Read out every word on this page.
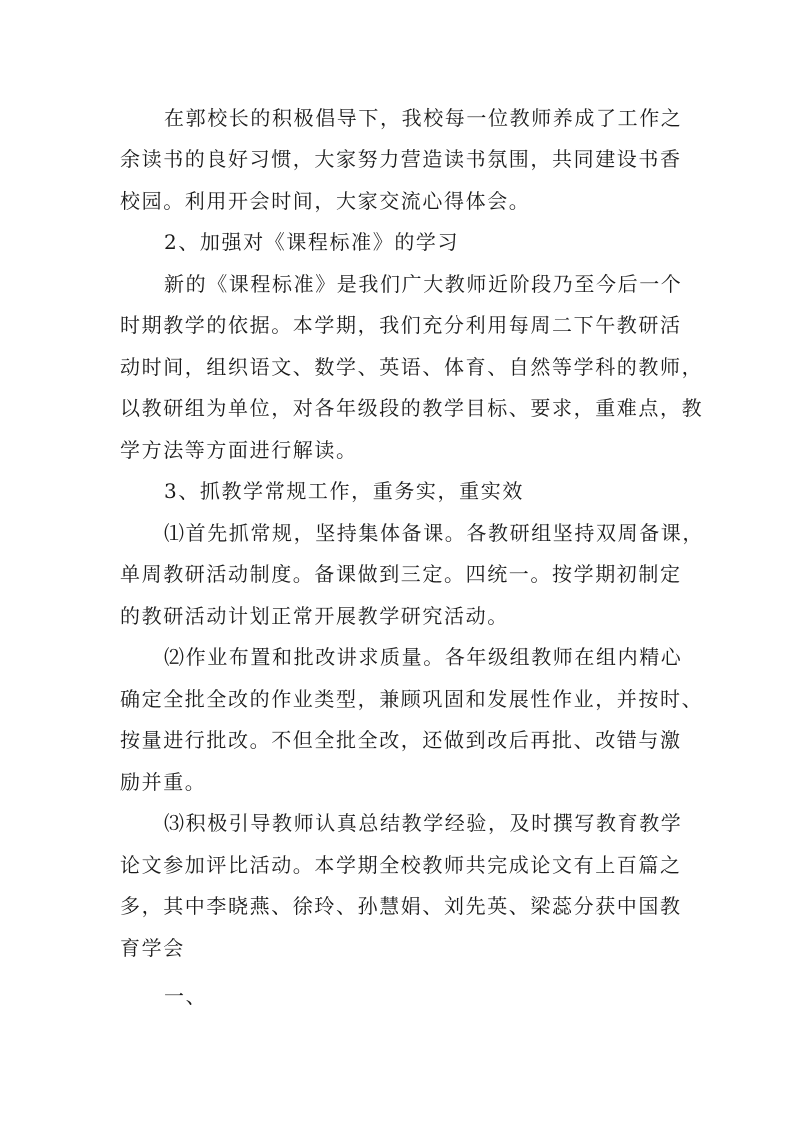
在郭校长的积极倡导下，我校每一位教师养成了工作之
余读书的良好习惯，大家努力营造读书氛围，共同建设书香
校园。利用开会时间，大家交流心得体会。
2、加强对《课程标准》的学习
新的《课程标准》是我们广大教师近阶段乃至今后一个
时期教学的依据。本学期，我们充分利用每周二下午教研活
动时间，组织语文、数学、英语、体育、自然等学科的教师，
以教研组为单位，对各年级段的教学目标、要求，重难点，教
学方法等方面进行解读。
3、抓教学常规工作，重务实，重实效
⑴首先抓常规，坚持集体备课。各教研组坚持双周备课，
单周教研活动制度。备课做到三定。四统一。按学期初制定
的教研活动计划正常开展教学研究活动。
⑵作业布置和批改讲求质量。各年级组教师在组内精心
确定全批全改的作业类型，兼顾巩固和发展性作业，并按时、
按量进行批改。不但全批全改，还做到改后再批、改错与激
励并重。
⑶积极引导教师认真总结教学经验，及时撰写教育教学
论文参加评比活动。本学期全校教师共完成论文有上百篇之
多，其中李晓燕、徐玲、孙慧娟、刘先英、梁蕊分获中国教
育学会
一、
